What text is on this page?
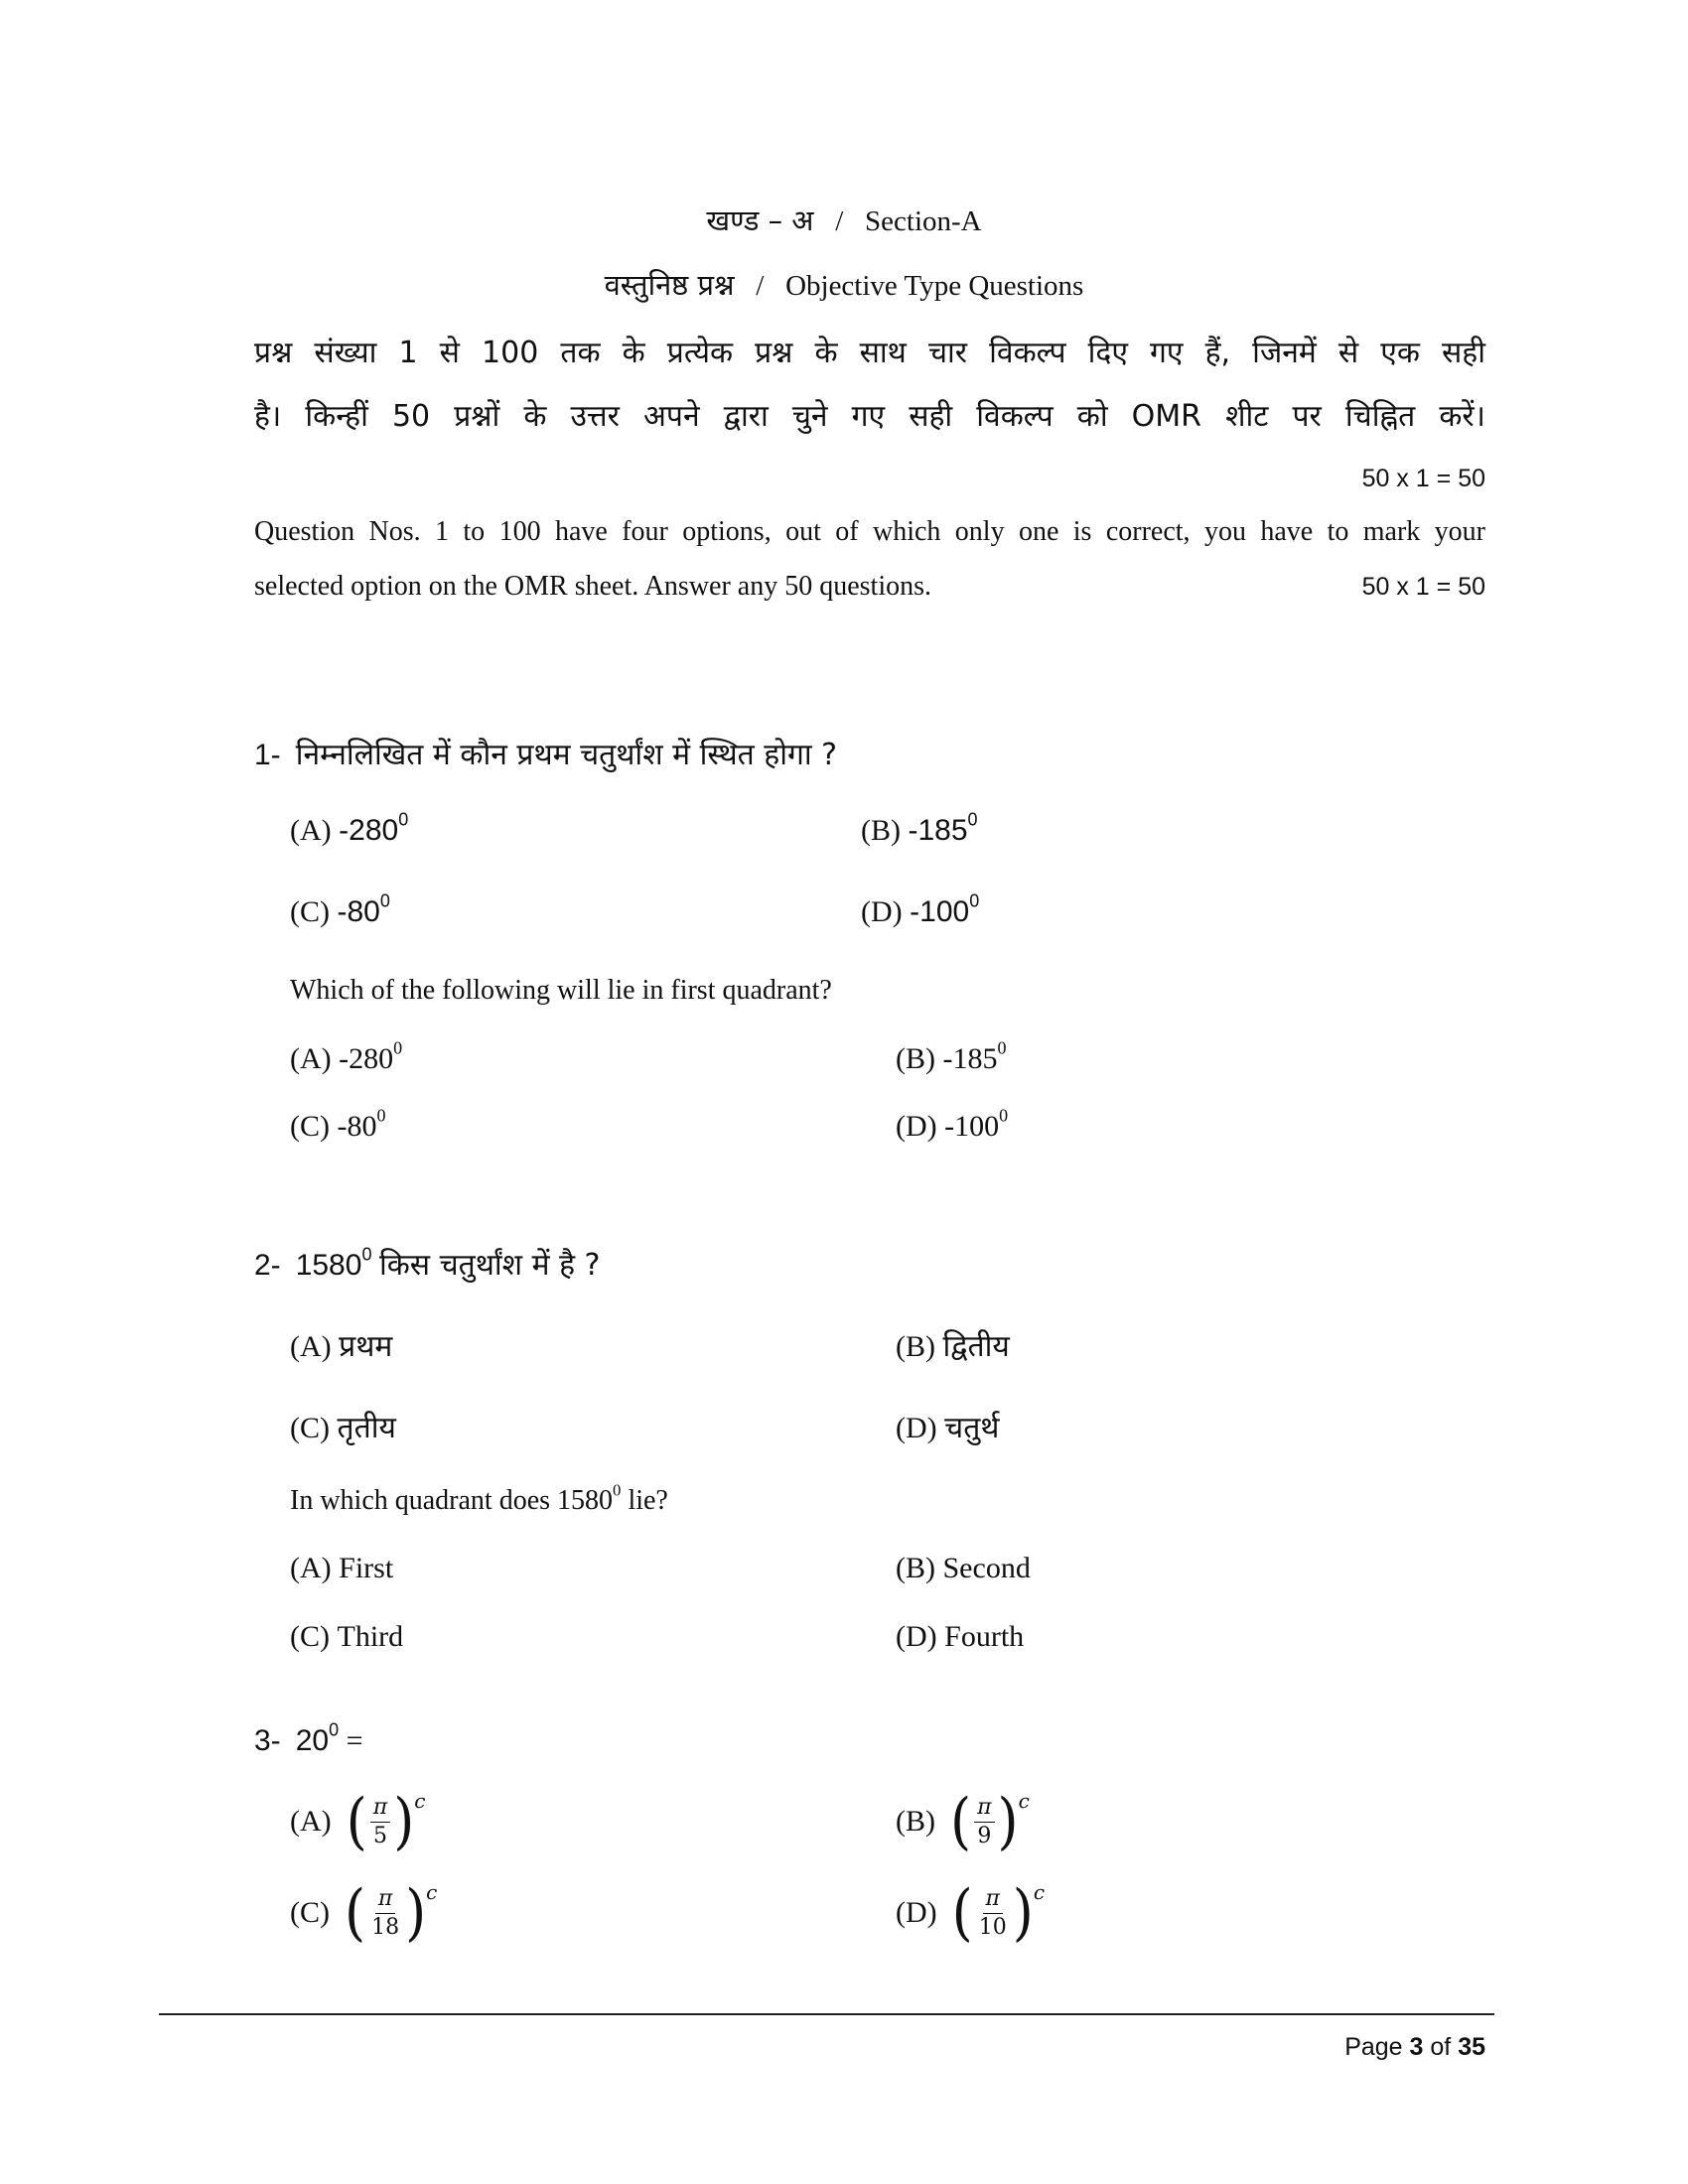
खण्ड – अ / Section-A
वस्तुनिष्ठ प्रश्न / Objective Type Questions
प्रश्न संख्या 1 से 100 तक के प्रत्येक प्रश्न के साथ चार विकल्प दिए गए हैं, जिनमें से एक सही
है। किन्हीं 50 प्रश्नों के उत्तर अपने द्वारा चुने गए सही विकल्प को OMR शीट पर चिह्नित करें।
50 x 1 = 50
Question Nos. 1 to 100 have four options, out of which only one is correct, you have to mark your
selected option on the OMR sheet. Answer any 50 questions.	50 x 1 = 50
1- निम्नलिखित में कौन प्रथम चतुर्थांश में स्थित होगा ?
(A) $-280^0$	(B) $-185^0$
(C) $-80^0$	(D) $-100^0$
Which of the following will lie in first quadrant?
(A) $-280^0$	(B) $-185^0$
(C) $-80^0$	(D) $-100^0$
2- 1580$^0$ किस चतुर्थांश में है ?
(A) प्रथम	(B) द्वितीय
(C) तृतीय	(D) चतुर्थ
In which quadrant does 1580$^0$ lie?
(A) First	(B) Second
(C) Third	(D) Fourth
3- $20^0$ =
(A)
( $\frac{\pi}{5}$ ) c
(B)
( $\frac{\pi}{9}$ ) c
(C)
( $\frac{\pi}{18}$ ) c
(D)
( $\frac{\pi}{10}$ ) c
Page 3 of 35
